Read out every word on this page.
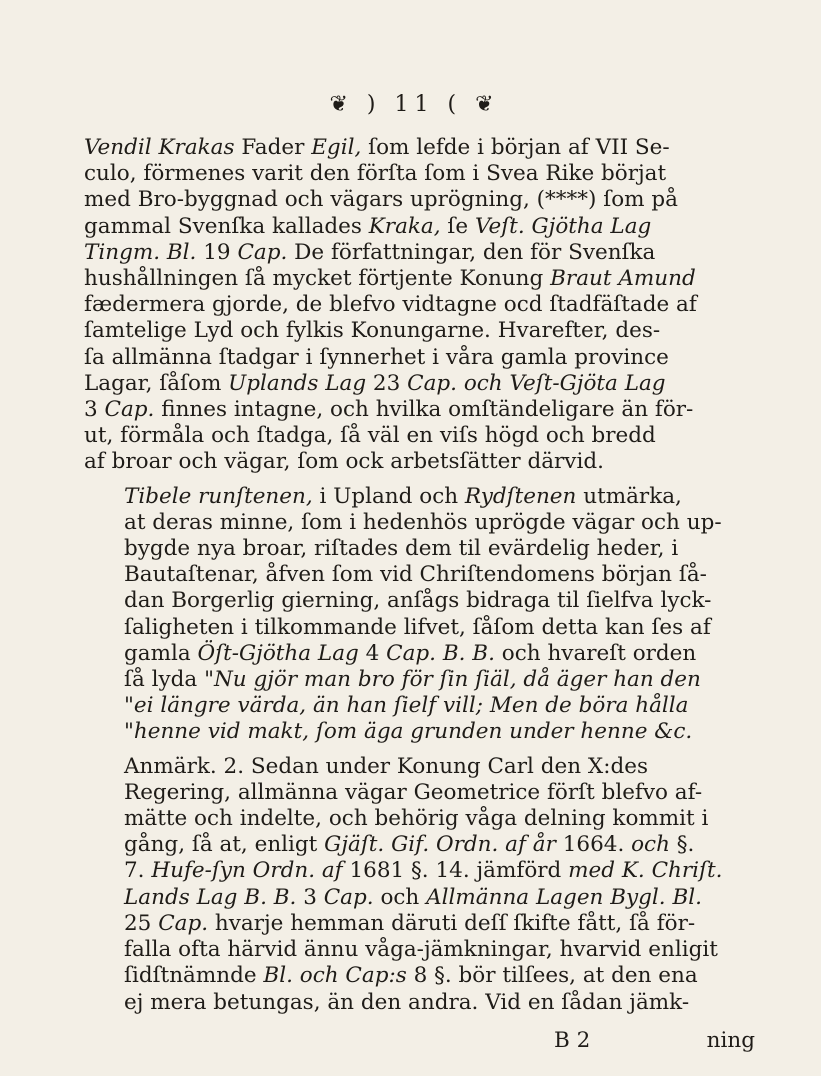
❦ ) 11 ( ❦

Vendil Krakas Fader Egil, ſom lefde i början af VII Se-
culo, förmenes varit den förſta ſom i Svea Rike börjat
med Bro-byggnad och vägars uprögning, (****) ſom på
gammal Svenſka kallades Kraka, ſe Veſt. Gjötha Lag
Tingm. Bl. 19 Cap. De författningar, den för Svenſka
hushållningen ſå mycket förtjente Konung Braut Amund
fædermera gjorde, de blefvo vidtagne ocd ſtadfäſtade af
ſamtelige Lyd och fylkis Konungarne. Hvarefter, des-
ſa allmänna ſtadgar i ſynnerhet i våra gamla province
Lagar, ſåſom Uplands Lag 23 Cap. och Veſt-Gjöta Lag
3 Cap. finnes intagne, och hvilka omſtändeligare än för-
ut, förmåla och ſtadga, ſå väl en viſs högd och bredd
af broar och vägar, ſom ock arbetsſätter därvid.

Tibele runſtenen, i Upland och Rydſtenen utmärka,
at deras minne, ſom i hedenhös uprögde vägar och up-
bygde nya broar, riſtades dem til evärdelig heder, i
Bautaſtenar, åfven ſom vid Chriſtendomens början ſå-
dan Borgerlig gierning, anſågs bidraga til ſielfva lyck-
ſaligheten i tilkommande lifvet, ſåſom detta kan ſes af
gamla Öſt-Gjötha Lag 4 Cap. B. B. och hvareſt orden
ſå lyda "Nu gjör man bro för ſin ſiäl, då äger han den
"ei längre värda, än han ſielf vill; Men de böra hålla
"henne vid makt, ſom äga grunden under henne &c.

Anmärk. 2. Sedan under Konung Carl den X:des
Regering, allmänna vägar Geometrice förſt blefvo af-
mätte och indelte, och behörig våga delning kommit i
gång, ſå at, enligt Gjäſt. Gif. Ordn. af år 1664. och §.
7. Hufe-ſyn Ordn. af 1681 §. 14. jämförd med K. Chriſt.
Lands Lag B. B. 3 Cap. och Allmänna Lagen Bygl. Bl.
25 Cap. hvarje hemman däruti deſſ ſkifte fått, ſå för-
falla ofta härvid ännu våga-jämkningar, hvarvid enligit
ſidſtnämnde Bl. och Cap:s 8 §. bör tilſees, at den ena
ej mera betungas, än den andra. Vid en ſådan jämk-

B 2	ning
